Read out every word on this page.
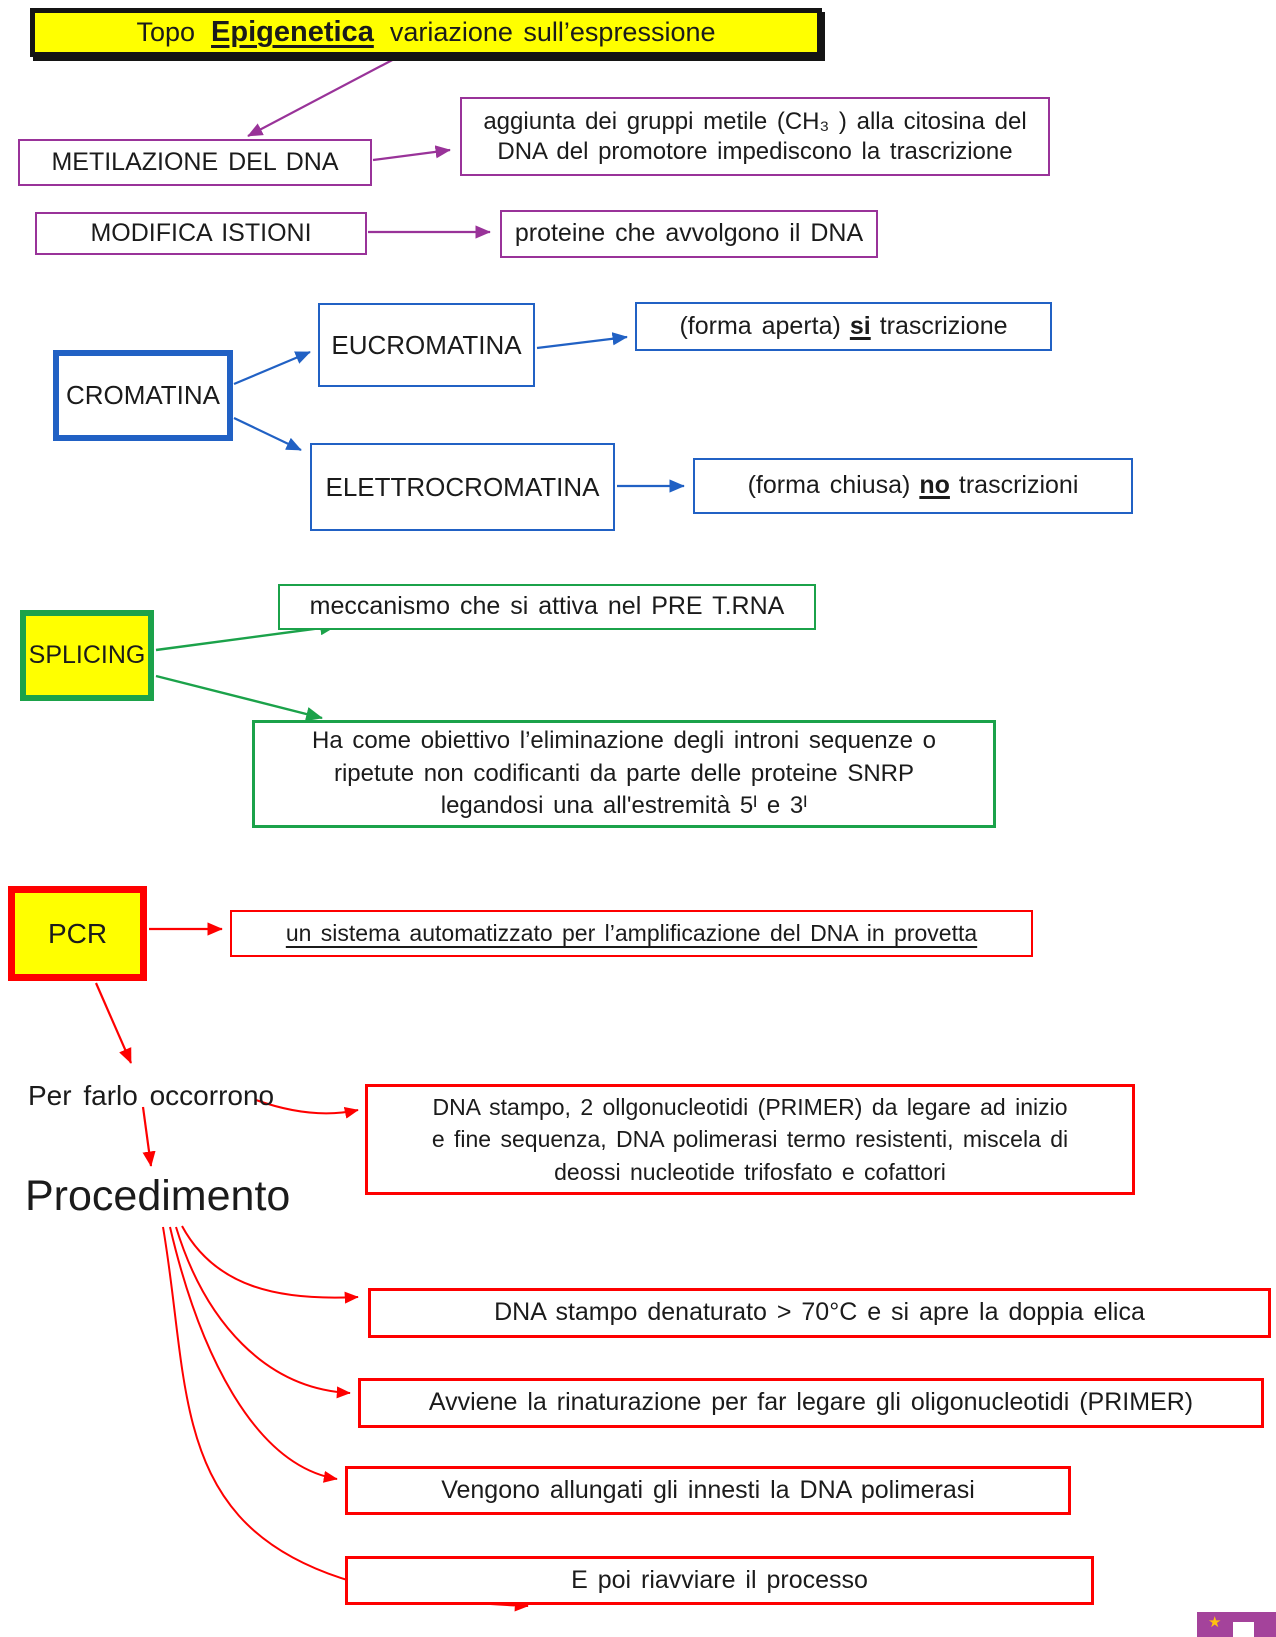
Topo Epigenetica variazione sull’espressione
METILAZIONE DEL DNA
aggiunta dei gruppi metile (CH₃ ) alla citosina del
DNA del promotore impediscono la trascrizione
MODIFICA ISTIONI	proteine che avvolgono il DNA
EUCROMATINA
(forma aperta) si trascrizione
CROMATINA
ELETTROCROMATINA	(forma chiusa) no trascrizioni
meccanismo che si attiva nel PRE T.RNA
SPLICING
Ha come obiettivo l’eliminazione degli introni sequenze o
ripetute non codificanti da parte delle proteine SNRP
legandosi una all'estremità 5ᴵ e 3ᴵ
PCR	un sistema automatizzato per l’amplificazione del DNA in provetta
Per farlo occorrono	DNA stampo, 2 ollgonucleotidi (PRIMER) da legare ad inizio
e fine sequenza, DNA polimerasi termo resistenti, miscela di
deossi nucleotide trifosfato e cofattori
Procedimento
DNA stampo denaturato > 70°C e si apre la doppia elica
Avviene la rinaturazione per far legare gli oligonucleotidi (PRIMER)
Vengono allungati gli innesti la DNA polimerasi
E poi riavviare il processo
★
